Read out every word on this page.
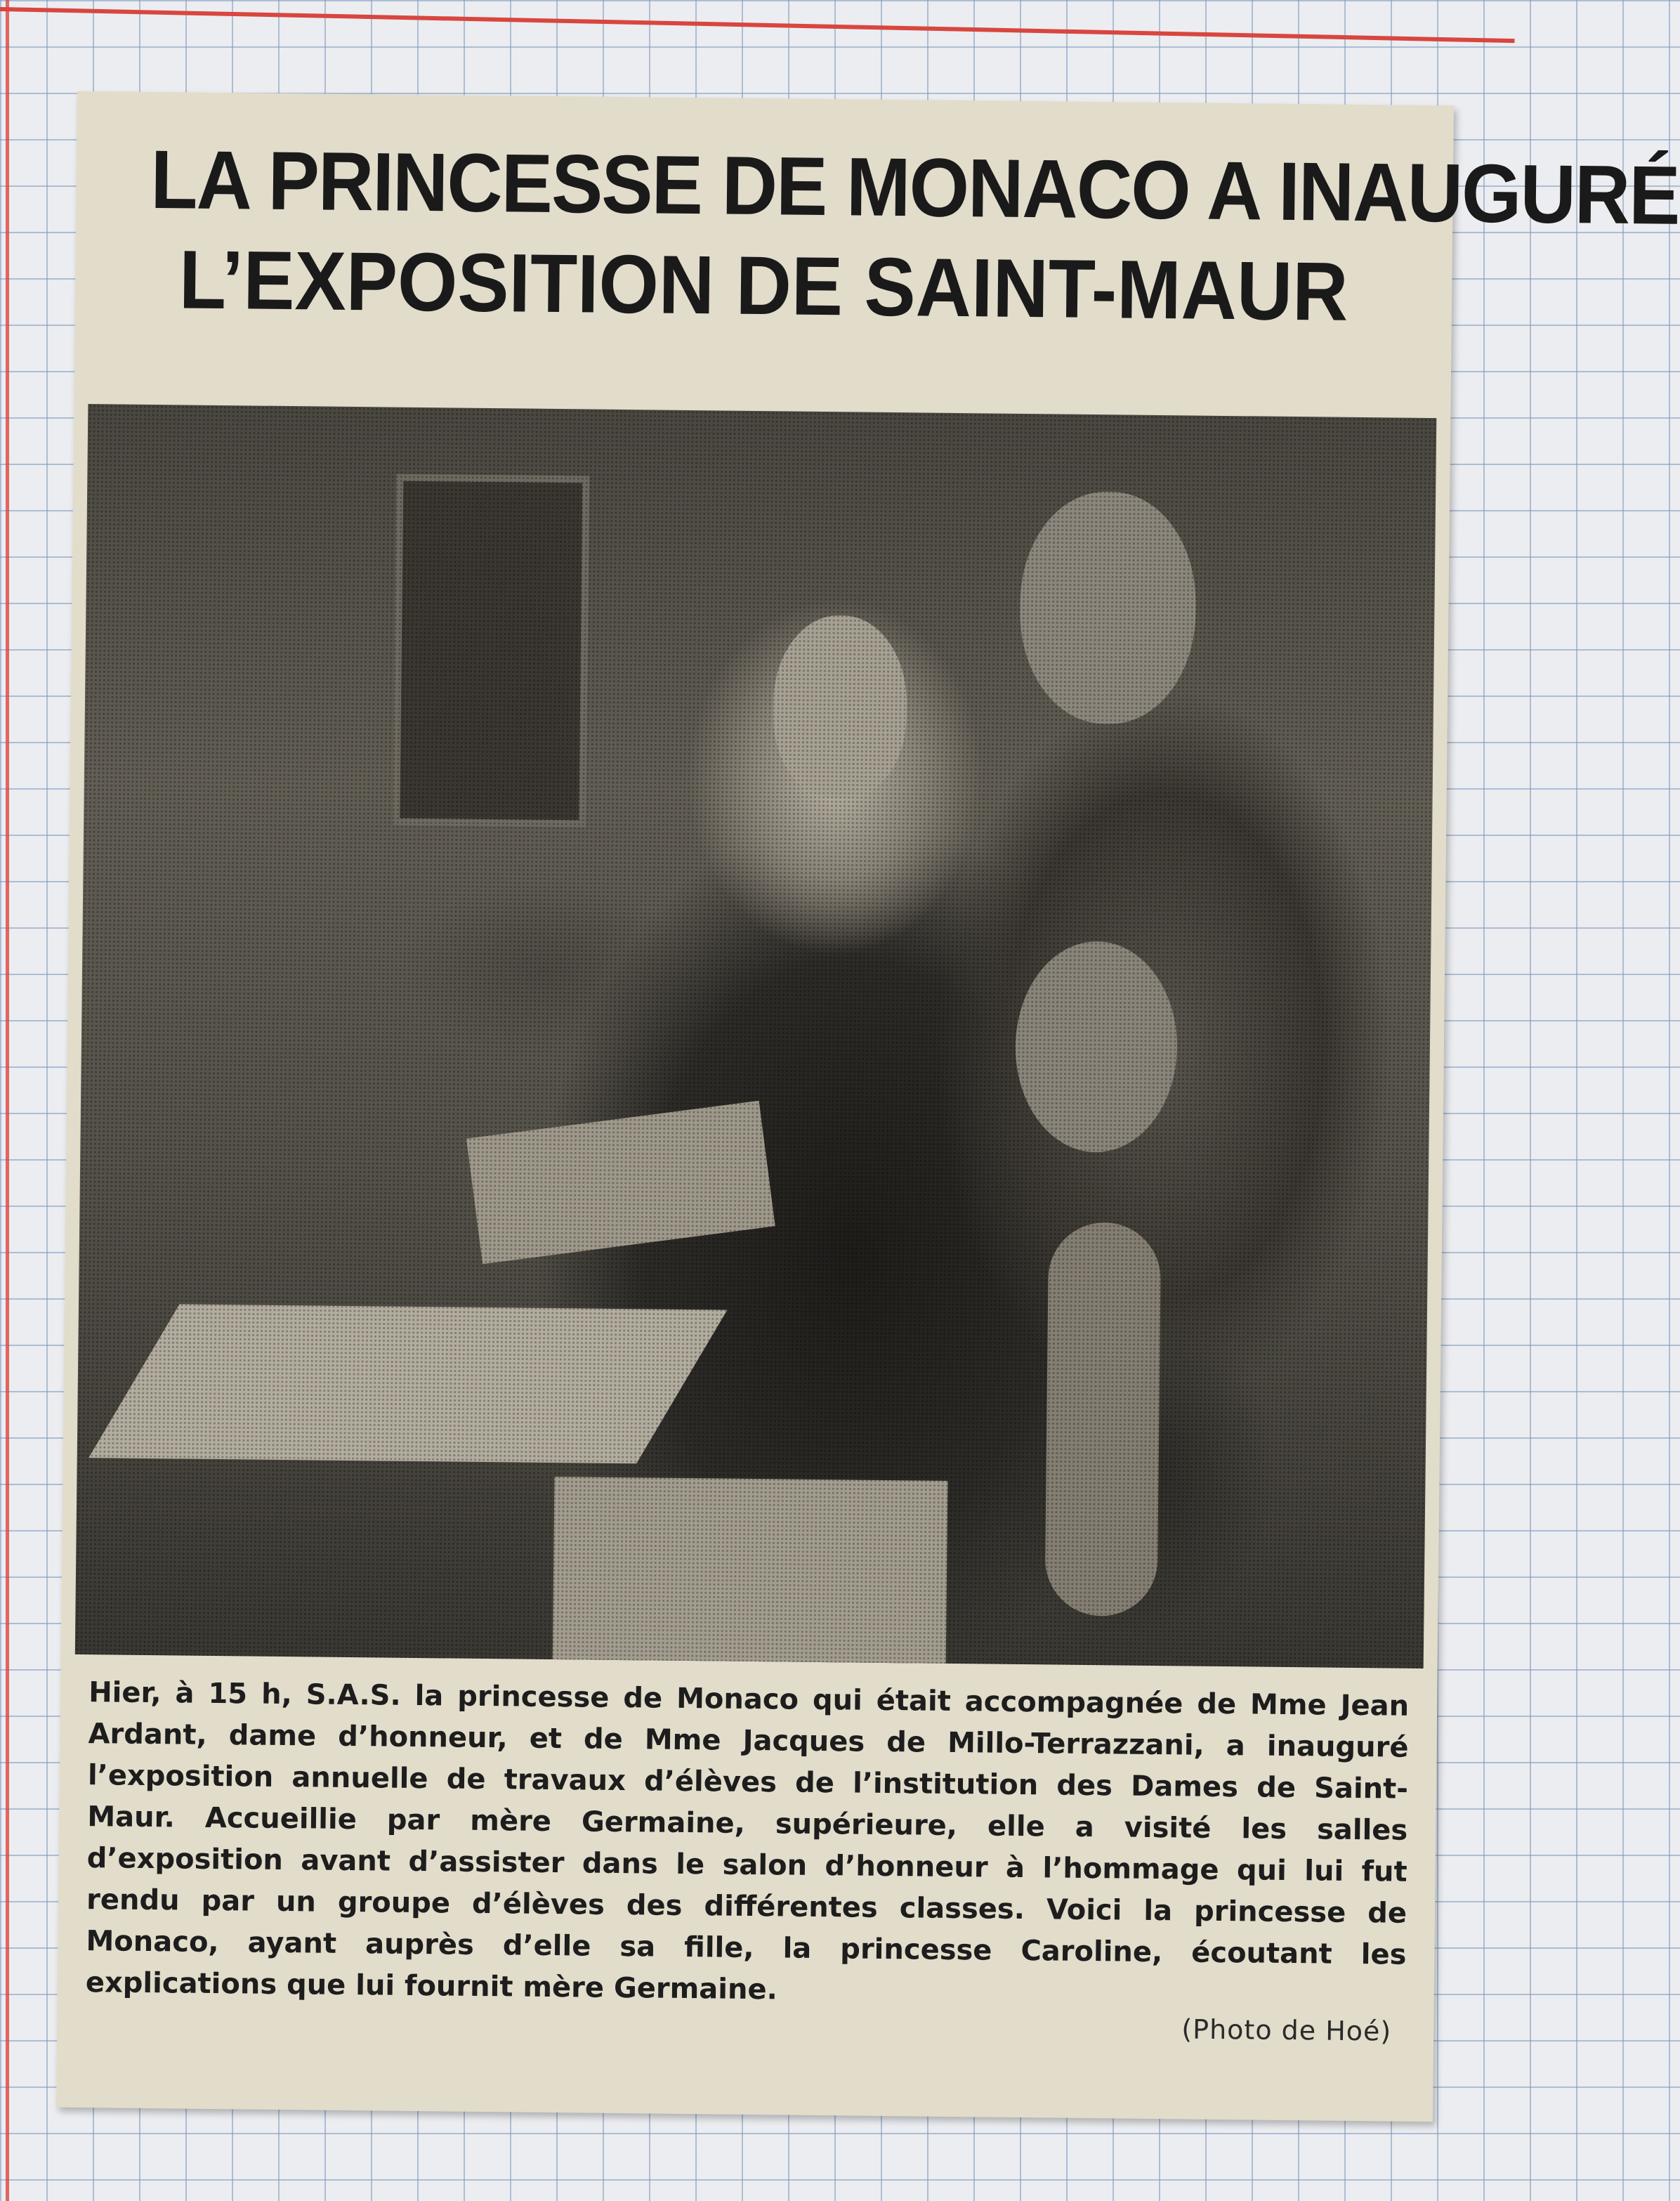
LA PRINCESSE DE MONACO A INAUGURÉ
L’EXPOSITION DE SAINT-MAUR

Hier, à 15 h, S.A.S. la princesse de Monaco qui était accompagnée de Mme Jean Ardant, dame d’honneur, et de Mme Jacques de Millo-Terrazzani, a inauguré l’exposition annuelle de travaux d’élèves de l’institution des Dames de Saint-Maur. Accueillie par mère Germaine, supérieure, elle a visité les salles d’exposition avant d’assister dans le salon d’honneur à l’hommage qui lui fut rendu par un groupe d’élèves des différentes classes. Voici la princesse de Monaco, ayant auprès d’elle sa fille, la princesse Caroline, écoutant les explications que lui fournit mère Germaine.

(Photo de Hoé)
